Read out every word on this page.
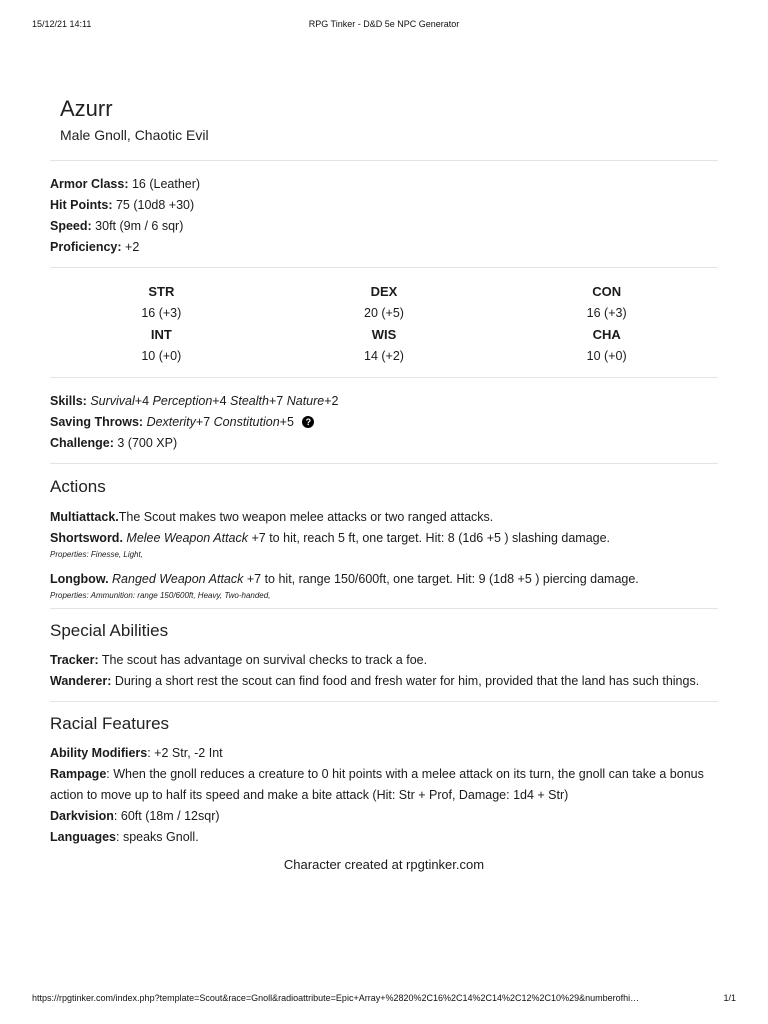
15/12/21 14:11	RPG Tinker - D&D 5e NPC Generator
Azurr
Male Gnoll, Chaotic Evil
Armor Class: 16 (Leather)
Hit Points: 75 (10d8 +30)
Speed: 30ft (9m / 6 sqr)
Proficiency: +2
STR
16 (+3)
DEX
20 (+5)
CON
16 (+3)
INT
10 (+0)
WIS
14 (+2)
CHA
10 (+0)
Skills: Survival+4 Perception+4 Stealth+7 Nature+2
Saving Throws: Dexterity+7 Constitution+5 ?
Challenge: 3 (700 XP)
Actions
Multiattack.The Scout makes two weapon melee attacks or two ranged attacks.
Shortsword. Melee Weapon Attack +7 to hit, reach 5 ft, one target. Hit: 8 (1d6 +5 ) slashing damage.
Properties: Finesse, Light,
Longbow. Ranged Weapon Attack +7 to hit, range 150/600ft, one target. Hit: 9 (1d8 +5 ) piercing damage.
Properties: Ammunition: range 150/600ft, Heavy, Two-handed,
Special Abilities
Tracker: The scout has advantage on survival checks to track a foe.
Wanderer: During a short rest the scout can find food and fresh water for him, provided that the land has such things.
Racial Features
Ability Modifiers: +2 Str, -2 Int
Rampage: When the gnoll reduces a creature to 0 hit points with a melee attack on its turn, the gnoll can take a bonus action to move up to half its speed and make a bite attack (Hit: Str + Prof, Damage: 1d4 + Str)
Darkvision: 60ft (18m / 12sqr)
Languages: speaks Gnoll.
Character created at rpgtinker.com
https://rpgtinker.com/index.php?template=Scout&race=Gnoll&radioattribute=Epic+Array+%2820%2C16%2C14%2C14%2C12%2C10%29&numberofhi…	1/1
